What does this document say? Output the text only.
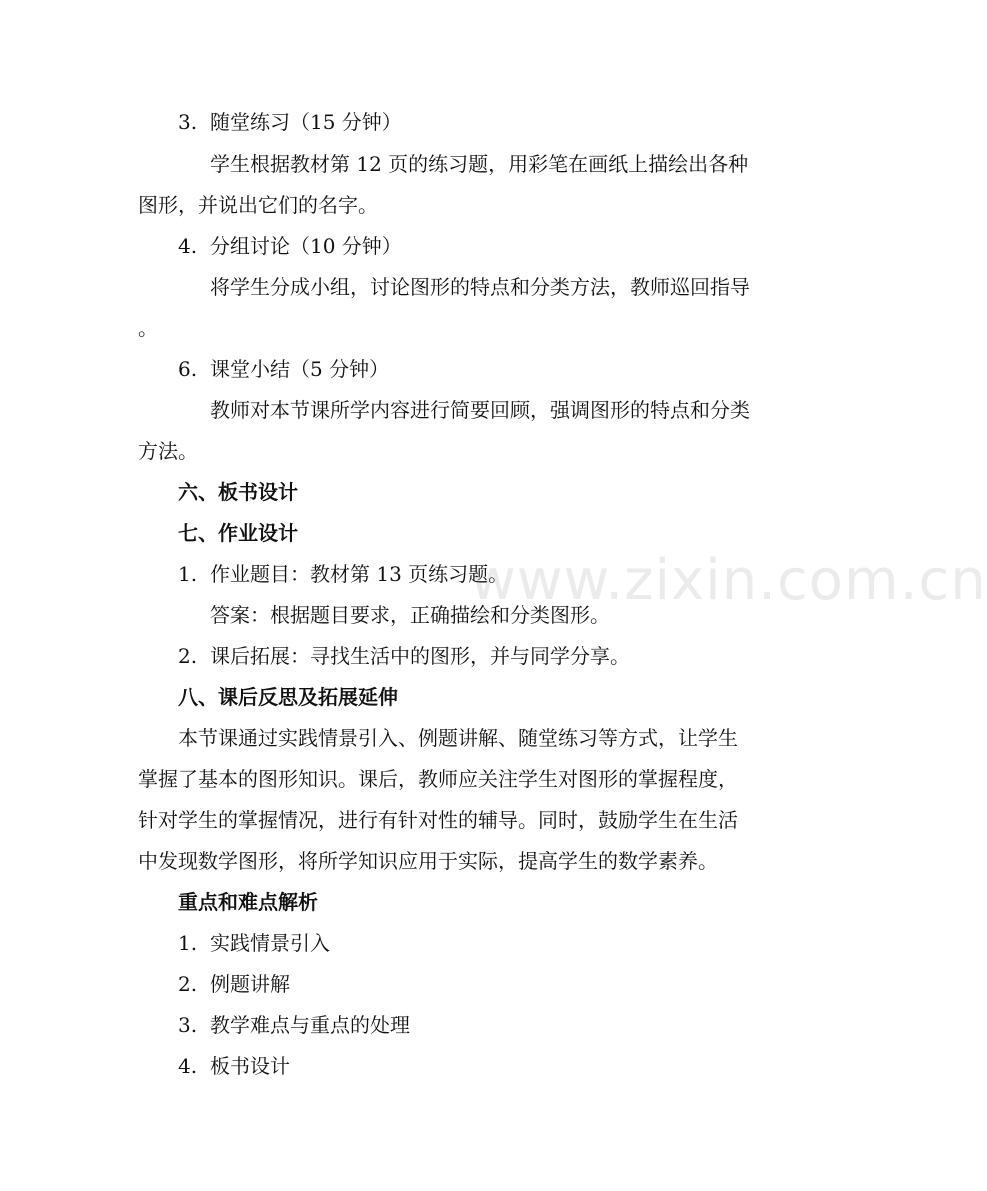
www.zixin.com.cn
3. 随堂练习（15 分钟）
学生根据教材第 12 页的练习题，用彩笔在画纸上描绘出各种
图形，并说出它们的名字。
4. 分组讨论（10 分钟）
将学生分成小组，讨论图形的特点和分类方法，教师巡回指导
。
6. 课堂小结（5 分钟）
教师对本节课所学内容进行简要回顾，强调图形的特点和分类
方法。
六、板书设计
七、作业设计
1. 作业题目：教材第 13 页练习题。
答案：根据题目要求，正确描绘和分类图形。
2. 课后拓展：寻找生活中的图形，并与同学分享。
八、课后反思及拓展延伸
本节课通过实践情景引入、例题讲解、随堂练习等方式，让学生
掌握了基本的图形知识。课后，教师应关注学生对图形的掌握程度，
针对学生的掌握情况，进行有针对性的辅导。同时，鼓励学生在生活
中发现数学图形，将所学知识应用于实际，提高学生的数学素养。
重点和难点解析
1. 实践情景引入
2. 例题讲解
3. 教学难点与重点的处理
4. 板书设计
